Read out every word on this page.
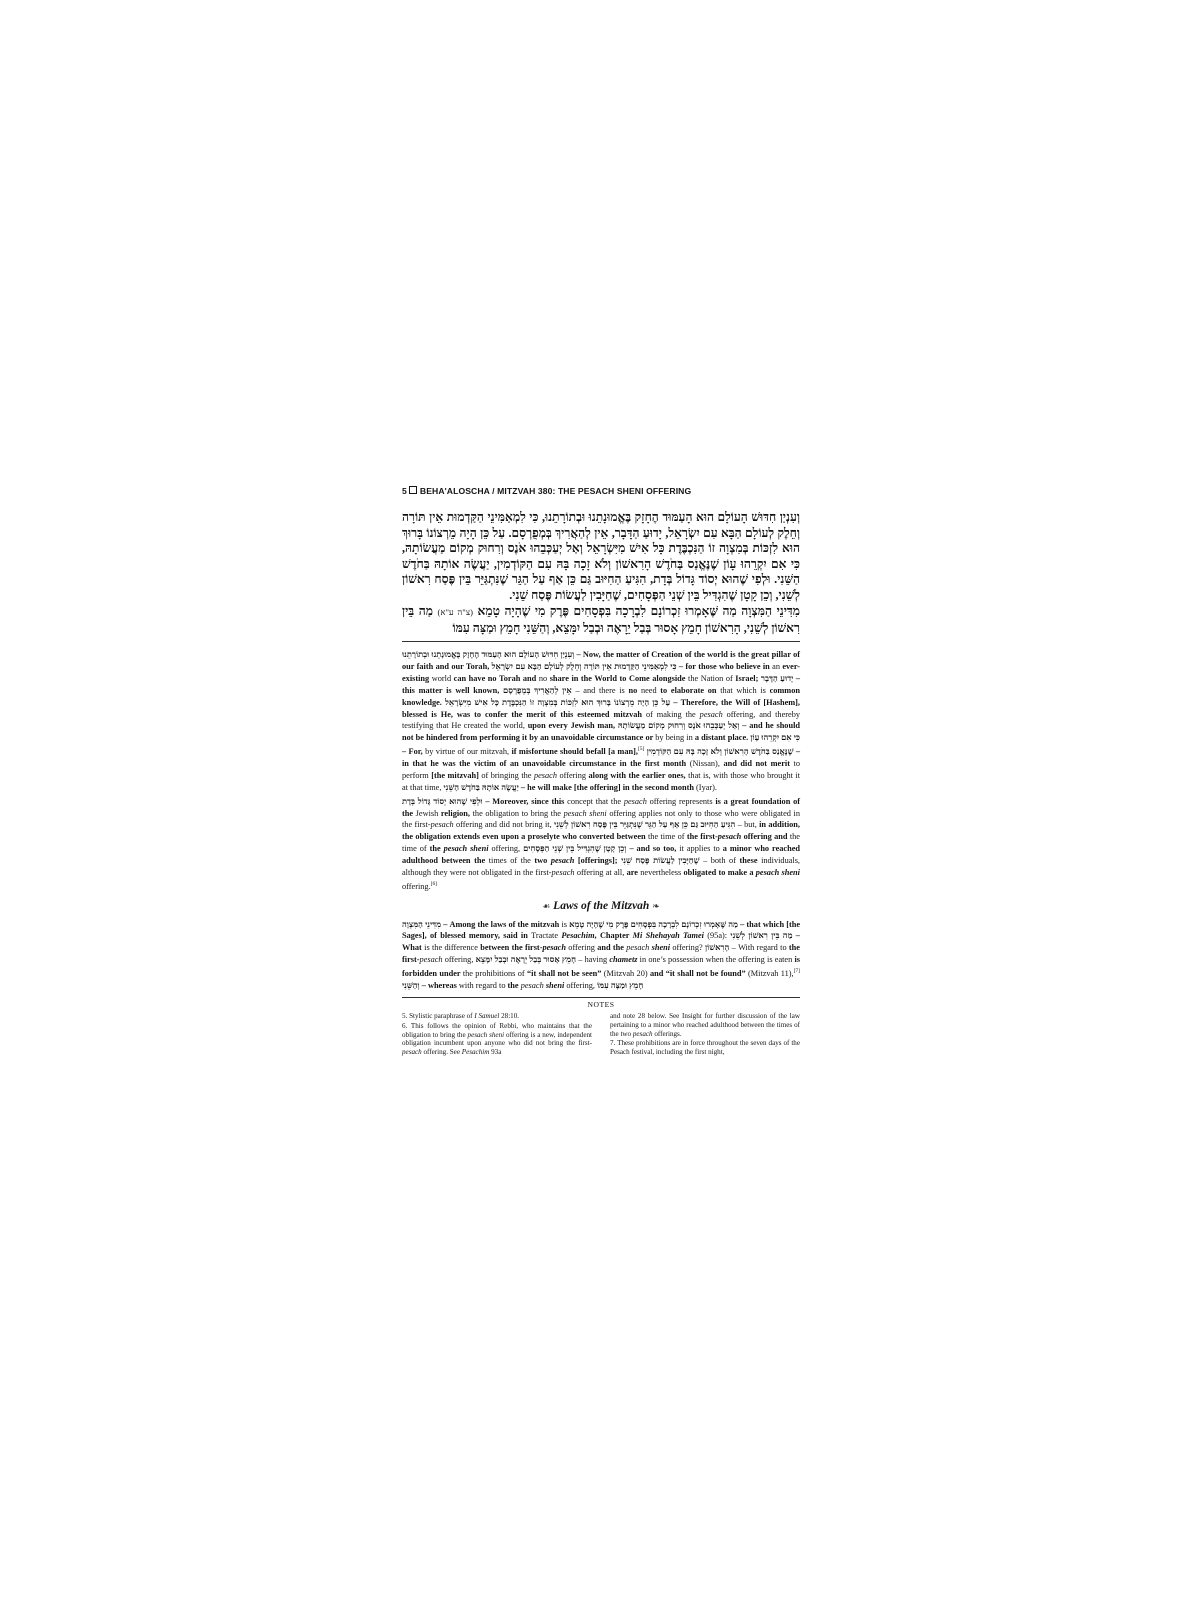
5 BEHA'ALOSCHA / MITZVAH 380: THE PESACH SHENI OFFERING

וְעִנְיַן חִדּוּשׁ הָעוֹלָם הוּא הָעַמּוּד הֶחָזָק בֶּאֱמוּנָתֵנוּ וּבְתוֹרָתֵנוּ, כִּי לִמְאַמִּינֵי הַקַּדְמוּת אֵין תּוֹרָה וְחֵלֶק לְעוֹלָם הַבָּא עִם יִשְׂרָאֵל, יָדוּעַ הַדָּבָר, אֵין לְהַאֲרִיךְ בְּמְפֻרְסָם. עַל כֵּן הָיָה מֵרְצוֹנוֹ בָּרוּךְ הוּא לִזְכּוֹת בְּמִצְוָה זוֹ הַנִּכְבֶּדֶת כָּל אִישׁ מִיִּשְׂרָאֵל וְאַל יְעַכְּבֵהוּ אֹנֶס וְרִחוּק מְקוֹם מַעֲשׂוֹתָהּ, כִּי אִם יִקְרֵהוּ עָוֹן שֶׁנֶּאֱנַס בַּחֹדֶשׁ הָרִאשׁוֹן וְלֹא זָכָה בָּהּ עִם הַקּוֹדְמִין, יַעֲשֶׂה אוֹתָהּ בַּחֹדֶשׁ הַשֵּׁנִי. וּלְפִי שֶׁהוּא יְסוֹד גָּדוֹל בְּדָת, הִגִּיעַ הַחִיּוּב גַּם כֵּן אַף עַל הַגֵּר שֶׁנִּתְגַּיֵּר בֵּין פֶּסַח רִאשׁוֹן לְשֵׁנִי, וְכֵן קָטָן שֶׁהִגְדִּיל בֵּין שְׁנֵי הַפְּסָחִים, שֶׁחַיָּבִין לַעֲשׂוֹת פֶּסַח שֵׁנִי.

מִדִּינֵי הַמִּצְוָה מַה שֶּׁאָמְרוּ זִכְרוֹנָם לִבְרָכָה בִּפְסָחִים פֶּרֶק מִי שֶׁהָיָה טָמֵא (צ"ה ע"א) מַה בֵּין רִאשׁוֹן לְשֵׁנִי, הָרִאשׁוֹן חָמֵץ אָסוּר בְּבַל יֵרָאֶה וּבְבַל יִמָּצֵא, וְהַשֵּׁנִי חָמֵץ וּמַצָּה עִמּוֹ

וְעִנְיַן חִדּוּשׁ הָעוֹלָם הוּא הָעַמּוּד הֶחָזָק בֶּאֱמוּנָתֵנוּ וּבְתוֹרָתֵנוּ – Now, the matter of Creation of the world is the great pillar of our faith and our Torah, כִּי לִמְאַמִּינֵי הַקַּדְמוּת אֵין תּוֹרָה וְחֵלֶק לְעוֹלָם הַבָּא עִם יִשְׂרָאֵל – for those who believe in an ever-existing world can have no Torah and no share in the World to Come alongside the Nation of Israel; יָדוּעַ הַדָּבָר – this matter is well known, אֵין לְהַאֲרִיךְ בְּמְפֻרְסָם – and there is no need to elaborate on that which is common knowledge. עַל כֵּן הָיָה מֵרְצוֹנוֹ בָּרוּךְ הוּא לִזְכּוֹת בְּמִצְוָה זוֹ הַנִּכְבֶּדֶת כָּל אִישׁ מִיִּשְׂרָאֵל – Therefore, the Will of [Hashem], blessed is He, was to confer the merit of this esteemed mitzvah of making the pesach offering, and thereby testifying that He created the world, upon every Jewish man, וְאַל יְעַכְּבֵהוּ אֹנֶס וְרִחוּק מְקוֹם מַעֲשׂוֹתָהּ – and he should not be hindered from performing it by an unavoidable circumstance or by being in a distant place. כִּי אִם יִקְרֵהוּ עָוֹן – For, by virtue of our mitzvah, if misfortune should befall [a man],[5] שֶׁנֶּאֱנַס בַּחֹדֶשׁ הָרִאשׁוֹן וְלֹא זָכָה בָּהּ עִם הַקּוֹדְמִין – in that he was the victim of an unavoidable circumstance in the first month (Nissan), and did not merit to perform [the mitzvah] of bringing the pesach offering along with the earlier ones, that is, with those who brought it at that time, יַעֲשֶׂה אוֹתָהּ בַּחֹדֶשׁ הַשֵּׁנִי – he will make [the offering] in the second month (Iyar).

וּלְפִי שֶׁהוּא יְסוֹד גָּדוֹל בְּדָת – Moreover, since this concept that the pesach offering represents is a great foundation of the Jewish religion, the obligation to bring the pesach sheni offering applies not only to those who were obligated in the first-pesach offering and did not bring it, הִגִּיעַ הַחִיּוּב גַּם כֵּן אַף עַל הַגֵּר שֶׁנִּתְגַּיֵּר בֵּין פֶּסַח רִאשׁוֹן לְשֵׁנִי – but, in addition, the obligation extends even upon a proselyte who converted between the time of the first-pesach offering and the time of the pesach sheni offering, וְכֵן קָטָן שֶׁהִגְדִּיל בֵּין שְׁנֵי הַפְּסָחִים – and so too, it applies to a minor who reached adulthood between the times of the two pesach [offerings]; שֶׁחַיָּבִין לַעֲשׂוֹת פֶּסַח שֵׁנִי – both of these individuals, although they were not obligated in the first-pesach offering at all, are nevertheless obligated to make a pesach sheni offering.[6]

☙ Laws of the Mitzvah ❧

מִדִּינֵי הַמִּצְוָה – Among the laws of the mitzvah is מַה שֶּׁאָמְרוּ זִכְרוֹנָם לִבְרָכָה בִּפְסָחִים פֶּרֶק מִי שֶׁהָיָה טָמֵא – that which [the Sages], of blessed memory, said in Tractate Pesachim, Chapter Mi Shehayah Tamei (95a): מַה בֵּין רִאשׁוֹן לְשֵׁנִי – What is the difference between the first-pesach offering and the pesach sheni offering? הָרִאשׁוֹן – With regard to the first-pesach offering, חָמֵץ אָסוּר בְּבַל יֵרָאֶה וּבְבַל יִמָּצֵא – having chametz in one’s possession when the offering is eaten is forbidden under the prohibitions of “it shall not be seen” (Mitzvah 20) and “it shall not be found” (Mitzvah 11),[7] וְהַשֵּׁנִי – whereas with regard to the pesach sheni offering, חָמֵץ וּמַצָּה עִמּוֹ

NOTES

5. Stylistic paraphrase of I Samuel 28:10.

6. This follows the opinion of Rebbi, who maintains that the obligation to bring the pesach sheni offering is a new, independent obligation incumbent upon anyone who did not bring the first-pesach offering. See Pesachim 93a

and note 28 below. See Insight for further discussion of the law pertaining to a minor who reached adulthood between the times of the two pesach offerings.

7. These prohibitions are in force throughout the seven days of the Pesach festival, including the first night,
